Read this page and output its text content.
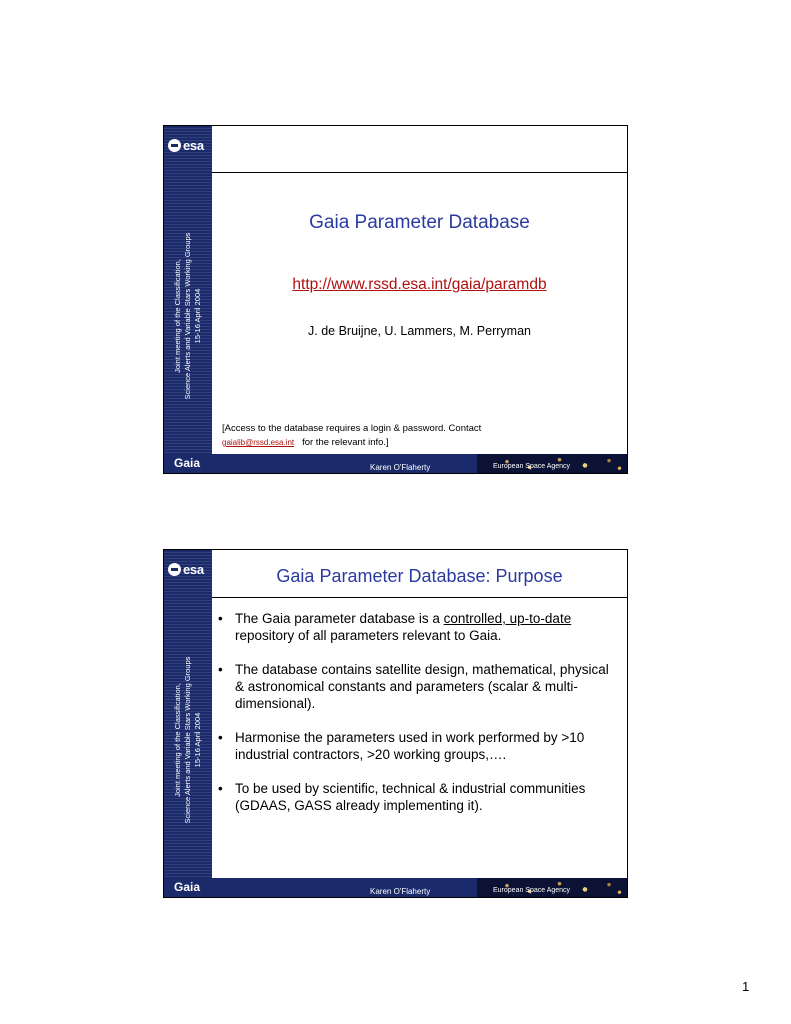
esa
Joint meeting of the Classification, Science Alerts and Variable Stars Working Groups 15-16 April 2004
Gaia Parameter Database
http://www.rssd.esa.int/gaia/paramdb
J. de Bruijne, U. Lammers, M. Perryman
[Access to the database requires a login & password. Contact
gaialib@rssd.esa.int for the relevant info.]
Gaia	Karen O'Flaherty	European Space Agency
esa
Joint meeting of the Classification, Science Alerts and Variable Stars Working Groups 15-16 April 2004
Gaia Parameter Database: Purpose
• The Gaia parameter database is a controlled, up-to-date repository of all parameters relevant to Gaia.
• The database contains satellite design, mathematical, physical & astronomical constants and parameters (scalar & multi-dimensional).
• Harmonise the parameters used in work performed by >10 industrial contractors, >20 working groups,….
• To be used by scientific, technical & industrial communities (GDAAS, GASS already implementing it).
Gaia	Karen O'Flaherty	European Space Agency
1
